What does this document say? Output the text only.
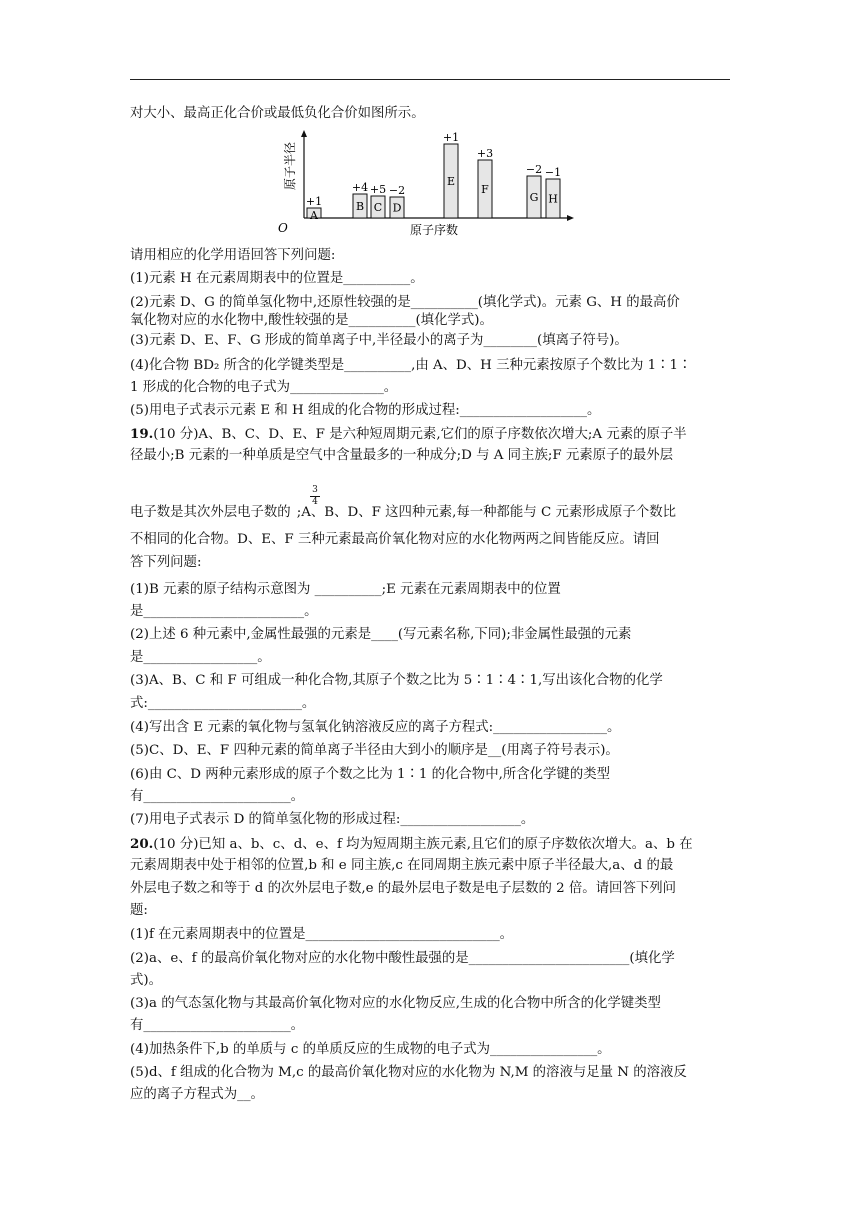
对大小、最高正化合价或最低负化合价如图所示。
原子半径
原子序数
O
A
+1	B
+4
C
+5
D
−2
E
+1
F
+3
G
−2
H
−1
请用相应的化学用语回答下列问题:
(1)元素 H 在元素周期表中的位置是__________。
(2)元素 D、G 的简单氢化物中,还原性较强的是__________(填化学式)。元素 G、H 的最高价
氧化物对应的水化物中,酸性较强的是__________(填化学式)。
(3)元素 D、E、F、G 形成的简单离子中,半径最小的离子为________(填离子符号)。
(4)化合物 BD₂ 所含的化学键类型是__________,由 A、D、H 三种元素按原子个数比为 1∶1∶
1 形成的化合物的电子式为______________。
(5)用电子式表示元素 E 和 H 组成的化合物的形成过程:___________________。
19.(10 分)A、B、C、D、E、F 是六种短周期元素,它们的原子序数依次增大;A 元素的原子半
径最小;B 元素的一种单质是空气中含量最多的一种成分;D 与 A 同主族;F 元素原子的最外层
3
4
电子数是其次外层电子数的 ;A、B、D、F 这四种元素,每一种都能与 C 元素形成原子个数比
不相同的化合物。D、E、F 三种元素最高价氧化物对应的水化物两两之间皆能反应。请回
答下列问题:
(1)B 元素的原子结构示意图为 __________;E 元素在元素周期表中的位置
是________________________。
(2)上述 6 种元素中,金属性最强的元素是____(写元素名称,下同);非金属性最强的元素
是_________________。
(3)A、B、C 和 F 可组成一种化合物,其原子个数之比为 5∶1∶4∶1,写出该化合物的化学
式:_______________________。
(4)写出含 E 元素的氧化物与氢氧化钠溶液反应的离子方程式:_________________。
(5)C、D、E、F 四种元素的简单离子半径由大到小的顺序是__(用离子符号表示)。
(6)由 C、D 两种元素形成的原子个数之比为 1∶1 的化合物中,所含化学键的类型
有______________________。
(7)用电子式表示 D 的简单氢化物的形成过程:__________________。
20.(10 分)已知 a、b、c、d、e、f 均为短周期主族元素,且它们的原子序数依次增大。a、b 在
元素周期表中处于相邻的位置,b 和 e 同主族,c 在同周期主族元素中原子半径最大,a、d 的最
外层电子数之和等于 d 的次外层电子数,e 的最外层电子数是电子层数的 2 倍。请回答下列问
题:
(1)f 在元素周期表中的位置是_____________________________。
(2)a、e、f 的最高价氧化物对应的水化物中酸性最强的是________________________(填化学
式)。
(3)a 的气态氢化物与其最高价氧化物对应的水化物反应,生成的化合物中所含的化学键类型
有______________________。
(4)加热条件下,b 的单质与 c 的单质反应的生成物的电子式为________________。
(5)d、f 组成的化合物为 M,c 的最高价氧化物对应的水化物为 N,M 的溶液与足量 N 的溶液反
应的离子方程式为__。
